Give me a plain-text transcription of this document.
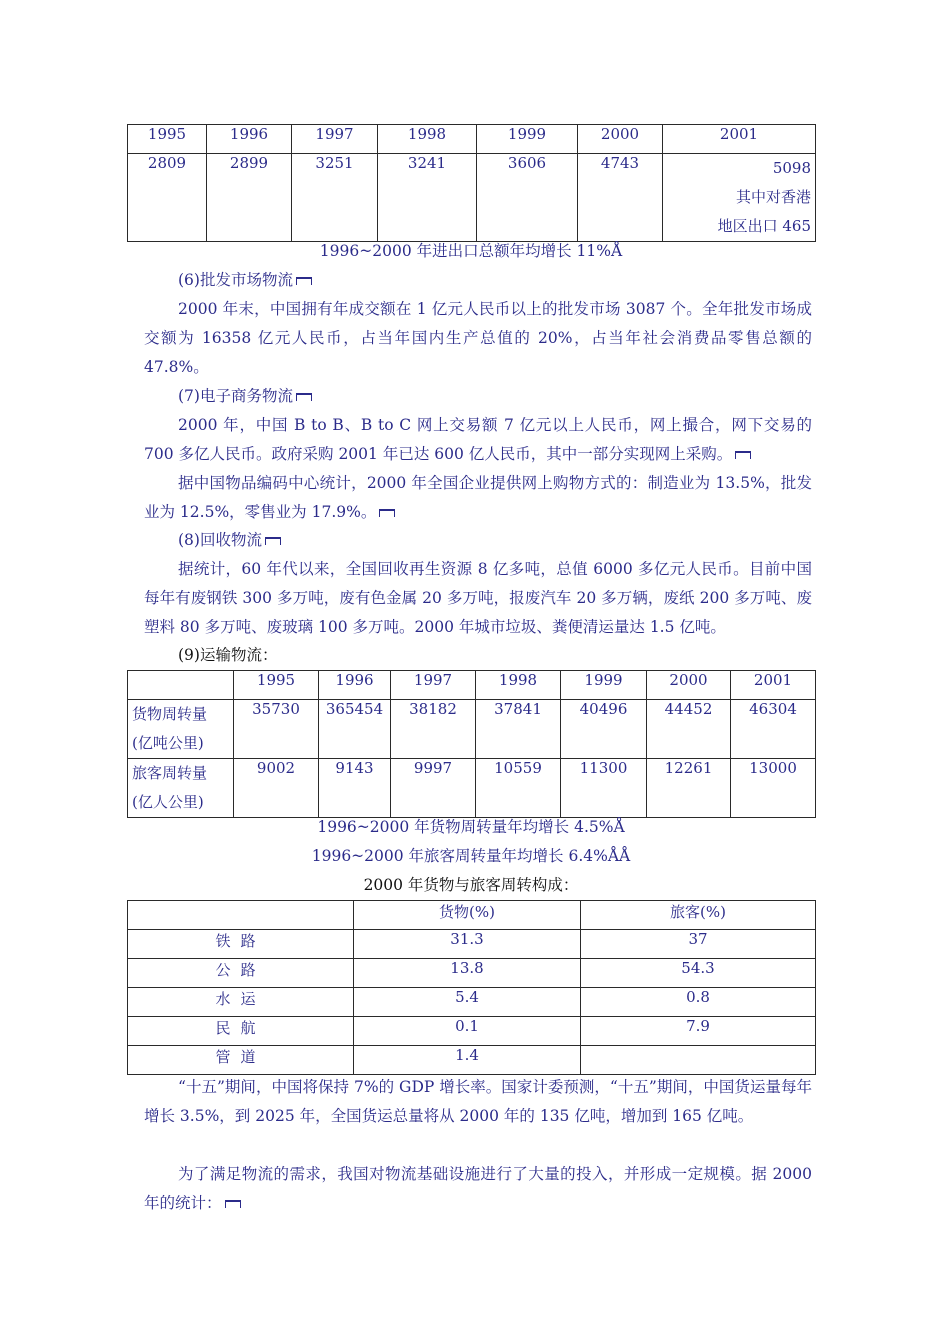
1995	1996	1997	1998	1999	2000	2001
2809	2899	3251	3241	3606	4743	5098
其中对香港
地区出口 465
1996~2000 年进出口总额年均增长 11%Å
(6)批发市场物流
2000 年末，中国拥有年成交额在 1 亿元人民币以上的批发市场 3087 个。全年批发市场成交额为 16358 亿元人民币，占当年国内生产总值的 20%，占当年社会消费品零售总额的 47.8%。
(7)电子商务物流
2000 年，中国 B to B、B to C 网上交易额 7 亿元以上人民币，网上撮合，网下交易的 700 多亿人民币。政府采购 2001 年已达 600 亿人民币，其中一部分实现网上采购。
据中国物品编码中心统计，2000 年全国企业提供网上购物方式的：制造业为 13.5%，批发业为 12.5%，零售业为 17.9%。
(8)回收物流
据统计，60 年代以来，全国回收再生资源 8 亿多吨，总值 6000 多亿元人民币。目前中国每年有废钢铁 300 多万吨，废有色金属 20 多万吨，报废汽车 20 多万辆，废纸 200 多万吨、废塑料 80 多万吨、废玻璃 100 多万吨。2000 年城市垃圾、粪便清运量达 1.5 亿吨。
(9)运输物流：
	1995	1996	1997	1998	1999	2000	2001

货物周转量
(亿吨公里)	35730	365454	38182	37841	40496	44452	46304

旅客周转量
(亿人公里)	9002	9143	9997	10559	11300	12261	13000
1996~2000 年货物周转量年均增长 4.5%Å
1996~2000 年旅客周转量年均增长 6.4%ÅÅ
2000 年货物与旅客周转构成：
	货物(%)	旅客(%)
铁路	31.3	37
公路	13.8	54.3
水运	5.4	0.8
民航	0.1	7.9
管道	1.4	
“十五”期间，中国将保持 7%的 GDP 增长率。国家计委预测，“十五”期间，中国货运量每年增长 3.5%，到 2025 年，全国货运总量将从 2000 年的 135 亿吨，增加到 165 亿吨。
为了满足物流的需求，我国对物流基础设施进行了大量的投入，并形成一定规模。据 2000 年的统计：
